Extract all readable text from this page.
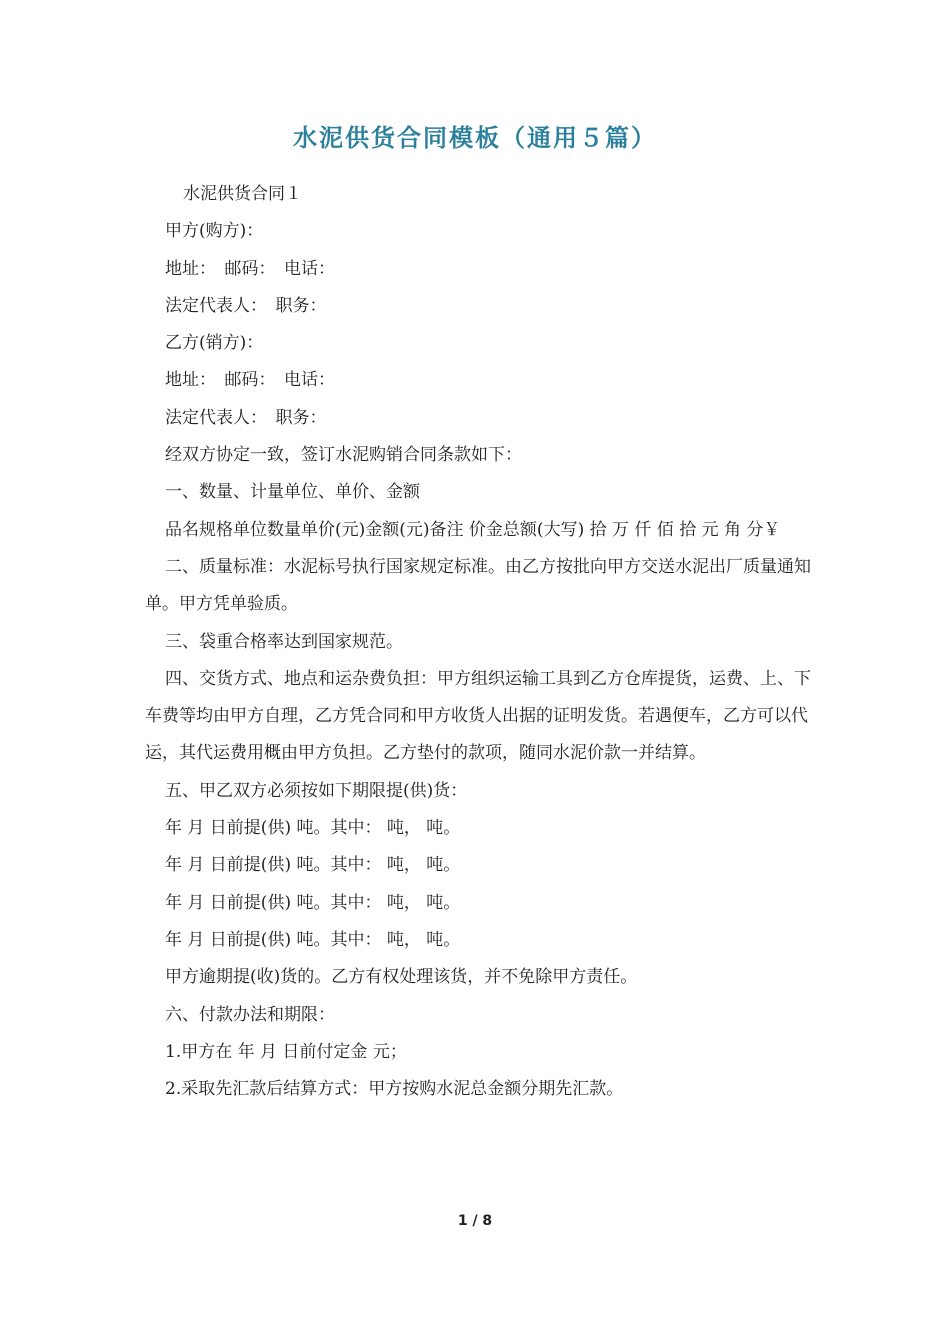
水泥供货合同模板（通用５篇）

水泥供货合同１

甲方(购方)：

地址：　邮码：　电话：

法定代表人：　职务：

乙方(销方)：

地址：　邮码：　电话：

法定代表人：　职务：

经双方协定一致，签订水泥购销合同条款如下：

一、数量、计量单位、单价、金额

品名规格单位数量单价(元)金额(元)备注 价金总额(大写) 拾 万 仟 佰 拾 元 角 分￥

二、质量标准：水泥标号执行国家规定标准。由乙方按批向甲方交送水泥出厂质量通知单。甲方凭单验质。

三、袋重合格率达到国家规范。

四、交货方式、地点和运杂费负担：甲方组织运输工具到乙方仓库提货，运费、上、下车费等均由甲方自理，乙方凭合同和甲方收货人出据的证明发货。若遇便车，乙方可以代运，其代运费用概由甲方负担。乙方垫付的款项，随同水泥价款一并结算。

五、甲乙双方必须按如下期限提(供)货：

年 月 日前提(供) 吨。其中： 吨， 吨。

年 月 日前提(供) 吨。其中： 吨， 吨。

年 月 日前提(供) 吨。其中： 吨， 吨。

年 月 日前提(供) 吨。其中： 吨， 吨。

甲方逾期提(收)货的。乙方有权处理该货，并不免除甲方责任。

六、付款办法和期限：

1.甲方在 年 月 日前付定金 元；

2.采取先汇款后结算方式：甲方按购水泥总金额分期先汇款。

1 / 8
